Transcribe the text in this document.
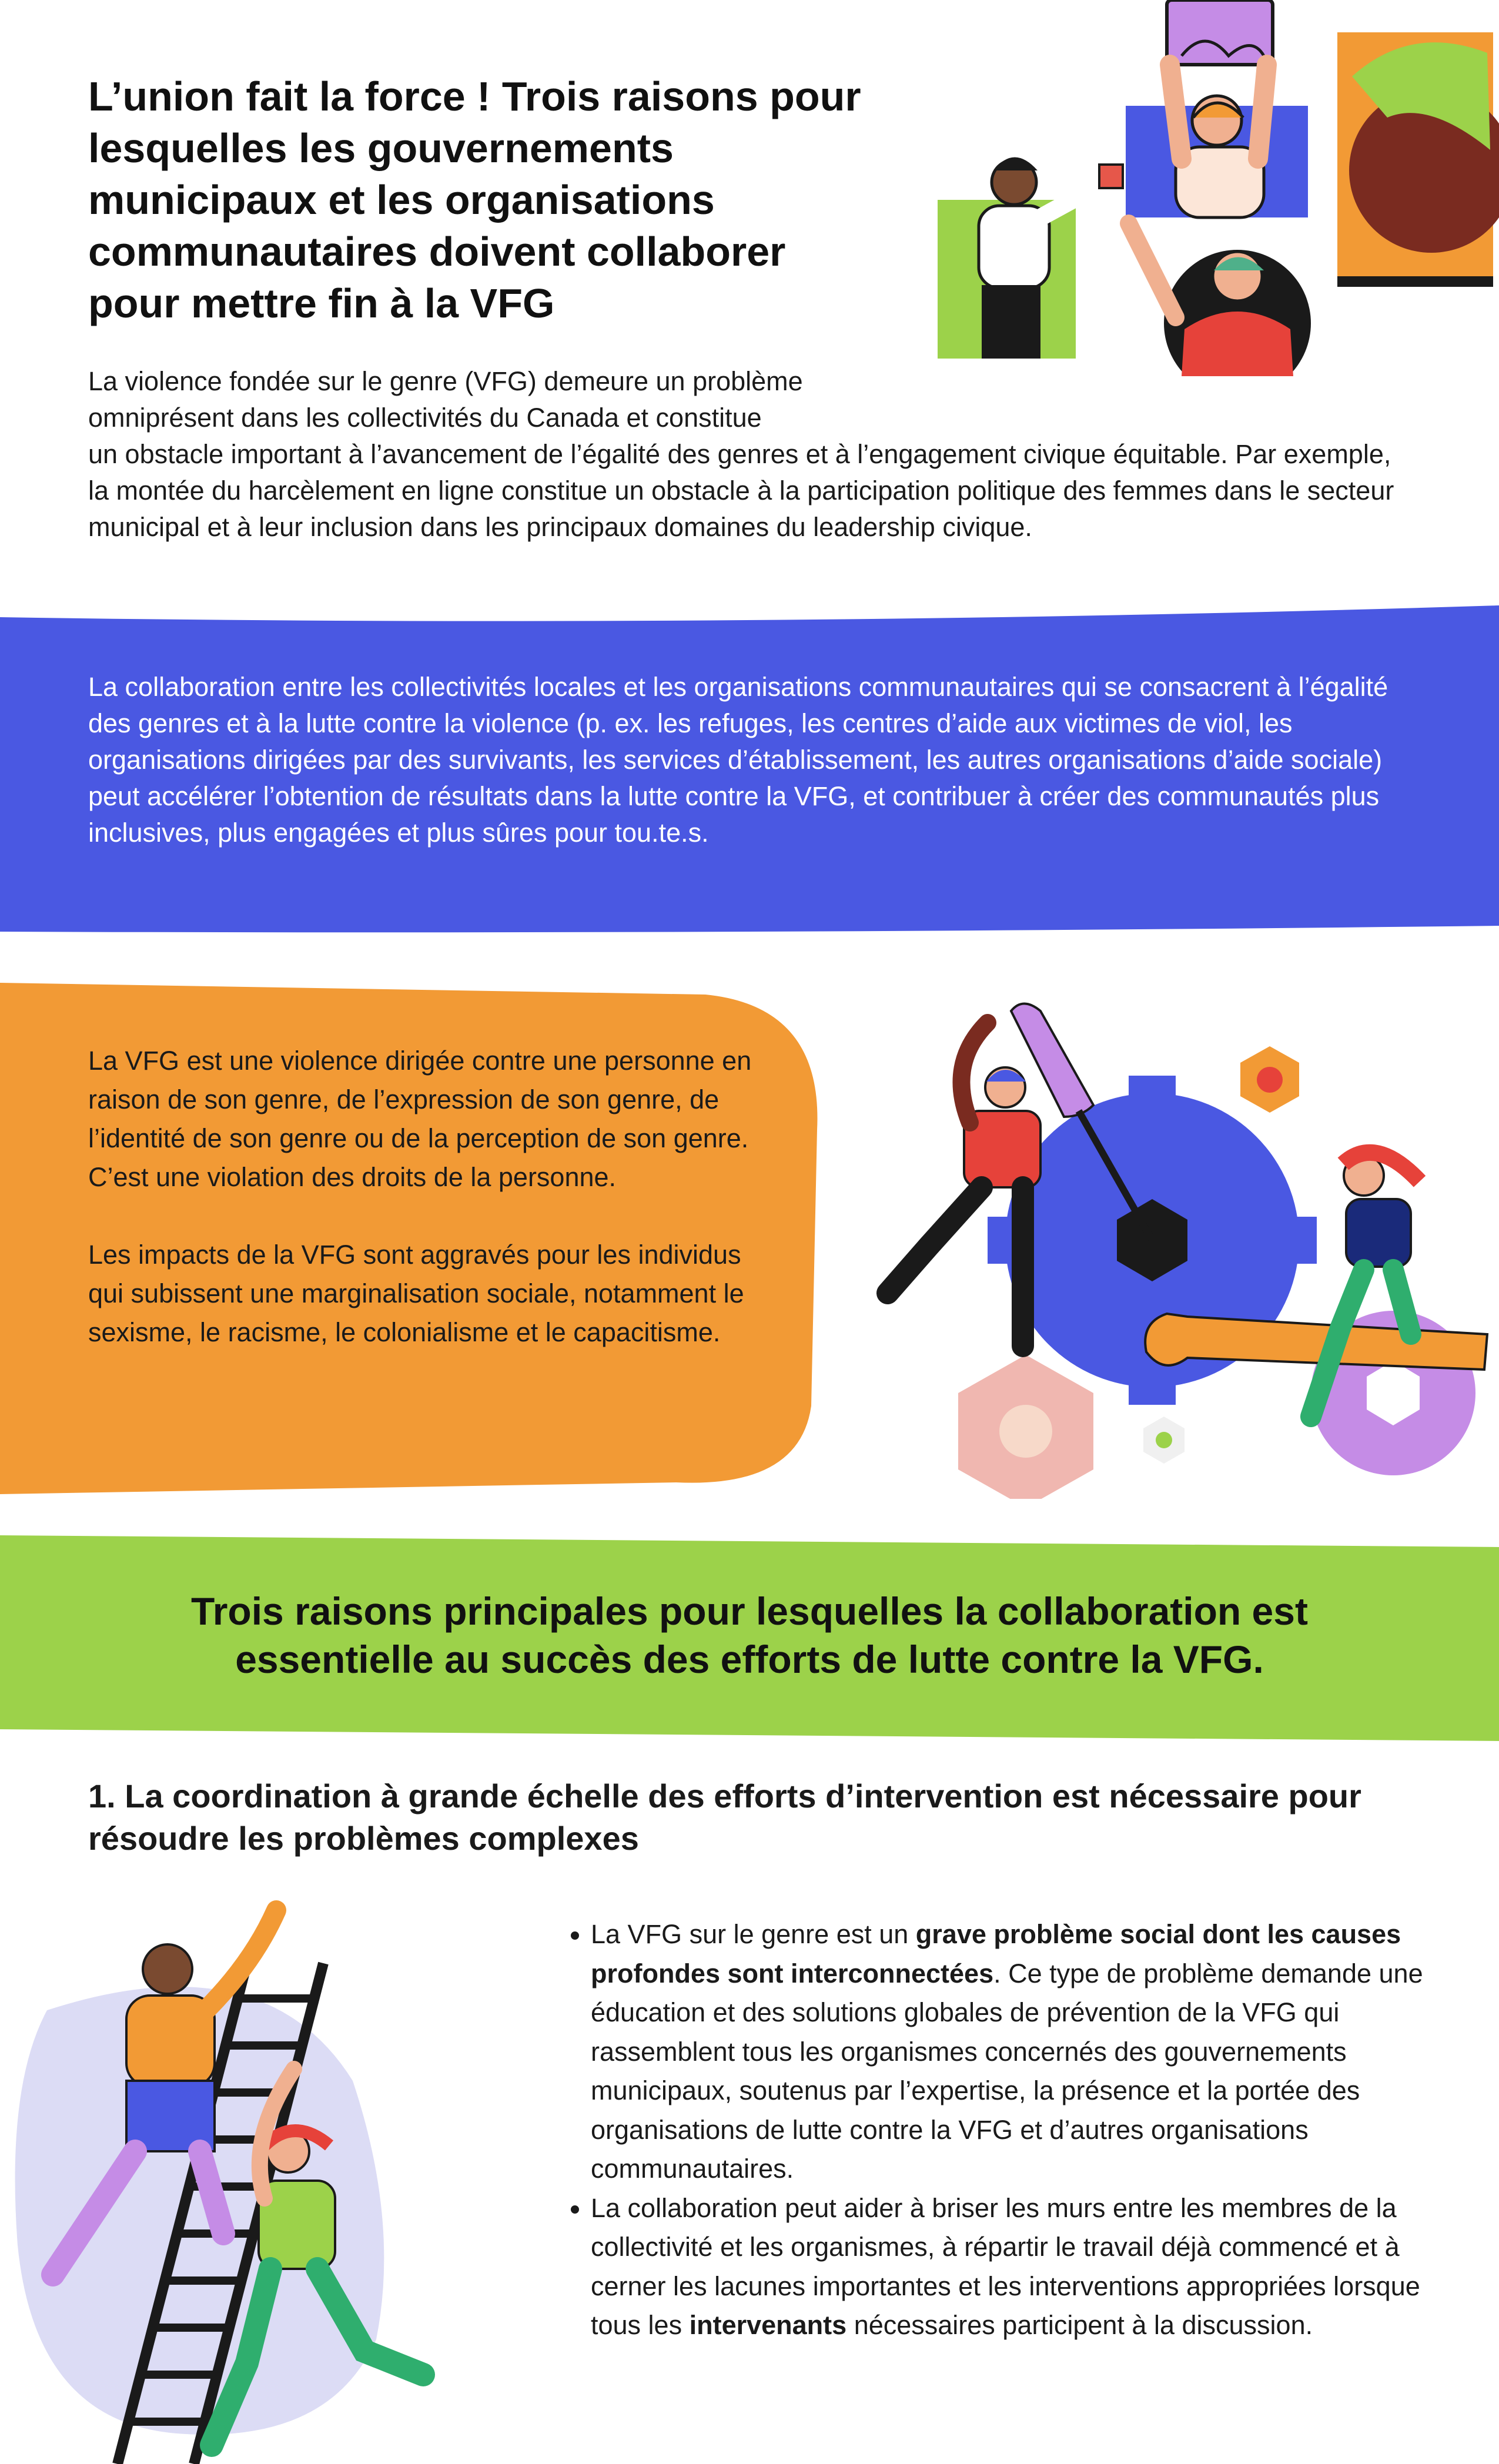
L’union fait la force ! Trois raisons pour lesquelles les gouvernements municipaux et les organisations communautaires doivent collaborer pour mettre fin à la VFG

La violence fondée sur le genre (VFG) demeure un problème omniprésent dans les collectivités du Canada et constitue
un obstacle important à l’avancement de l’égalité des genres et à l’engagement civique équitable. Par exemple, la montée du harcèlement en ligne constitue un obstacle à la participation politique des femmes dans le secteur municipal et à leur inclusion dans les principaux domaines du leadership civique.

La collaboration entre les collectivités locales et les organisations communautaires qui se consacrent à l’égalité des genres et à la lutte contre la violence (p. ex. les refuges, les centres d’aide aux victimes de viol, les organisations dirigées par des survivants, les services d’établissement, les autres organisations d’aide sociale) peut accélérer l’obtention de résultats dans la lutte contre la VFG, et contribuer à créer des communautés plus inclusives, plus engagées et plus sûres pour tou.te.s.

La VFG est une violence dirigée contre une personne en raison de son genre, de l’expression de son genre, de l’identité de son genre ou de la perception de son genre. C’est une violation des droits de la personne.

Les impacts de la VFG sont aggravés pour les individus qui subissent une marginalisation sociale, notamment le sexisme, le racisme, le colonialisme et le capacitisme.

Trois raisons principales pour lesquelles la collaboration est essentielle au succès des efforts de lutte contre la VFG.
1. La coordination à grande échelle des efforts d’intervention est nécessaire pour résoudre les problèmes complexes
• La VFG sur le genre est un grave problème social dont les causes profondes sont interconnectées. Ce type de problème demande une éducation et des solutions globales de prévention de la VFG qui rassemblent tous les organismes concernés des gouvernements municipaux, soutenus par l’expertise, la présence et la portée des organisations de lutte contre la VFG et d’autres organisations communautaires.
• La collaboration peut aider à briser les murs entre les membres de la collectivité et les organismes, à répartir le travail déjà commencé et à cerner les lacunes importantes et les interventions appropriées lorsque tous les intervenants nécessaires participent à la discussion.
